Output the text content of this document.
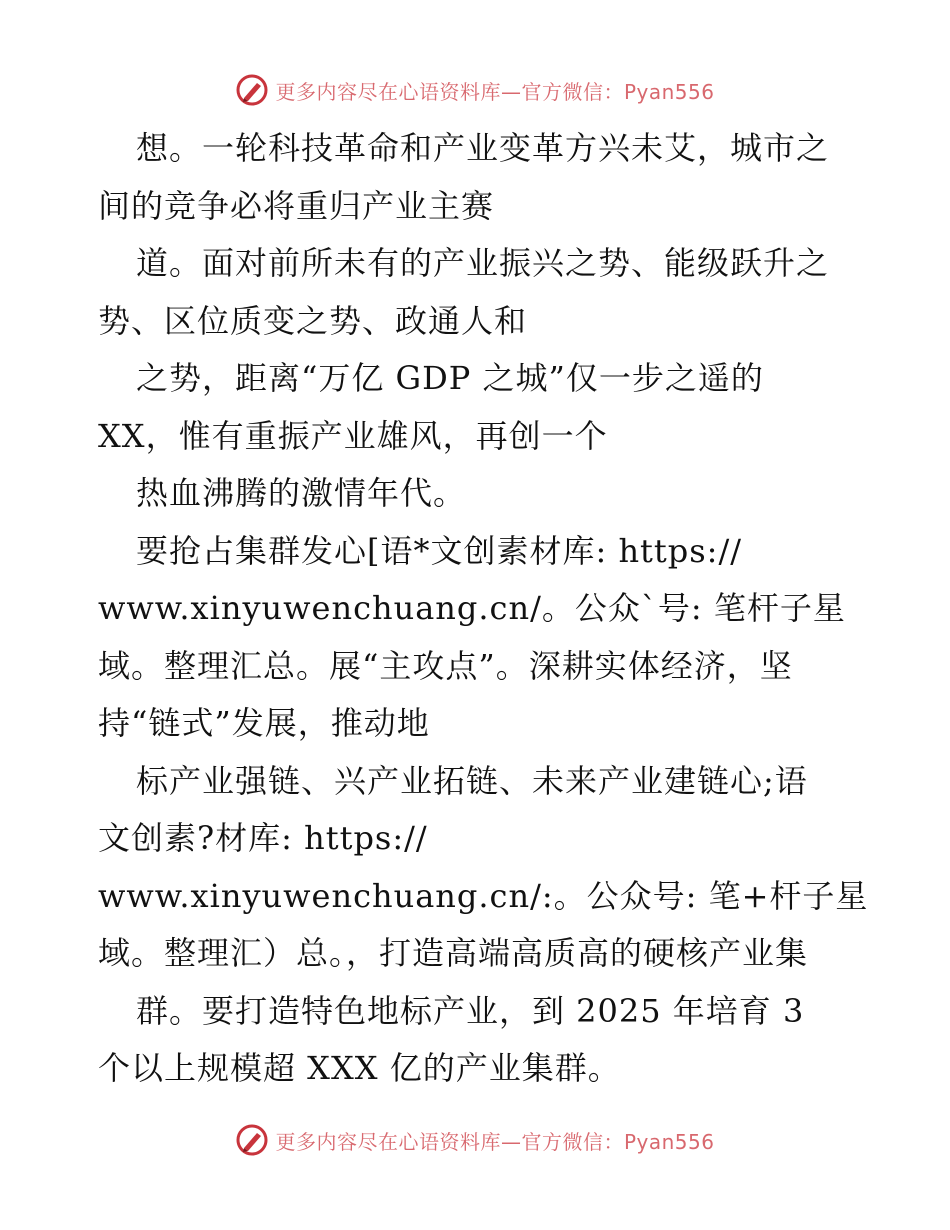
更多内容尽在心语资料库—官方微信：Pyan556
想。一轮科技革命和产业变革方兴未艾，城市之
间的竞争必将重归产业主赛
道。面对前所未有的产业振兴之势、能级跃升之
势、区位质变之势、政通人和
之势，距离“万亿 GDP 之城”仅一步之遥的
XX，惟有重振产业雄风，再创一个
热血沸腾的激情年代。
要抢占集群发心[语*文创素材库: https://
www.xinyuwenchuang.cn/。公众`号: 笔杆子星
域。整理汇总。展“主攻点”。深耕实体经济，坚
持“链式”发展，推动地
标产业强链、兴产业拓链、未来产业建链心;语
文创素?材库: https://
www.xinyuwenchuang.cn/:。公众号: 笔+杆子星
域。整理汇）总。，打造高端高质高的硬核产业集
群。要打造特色地标产业，到 2025 年培育 3
个以上规模超 XXX 亿的产业集群。
更多内容尽在心语资料库—官方微信：Pyan556
